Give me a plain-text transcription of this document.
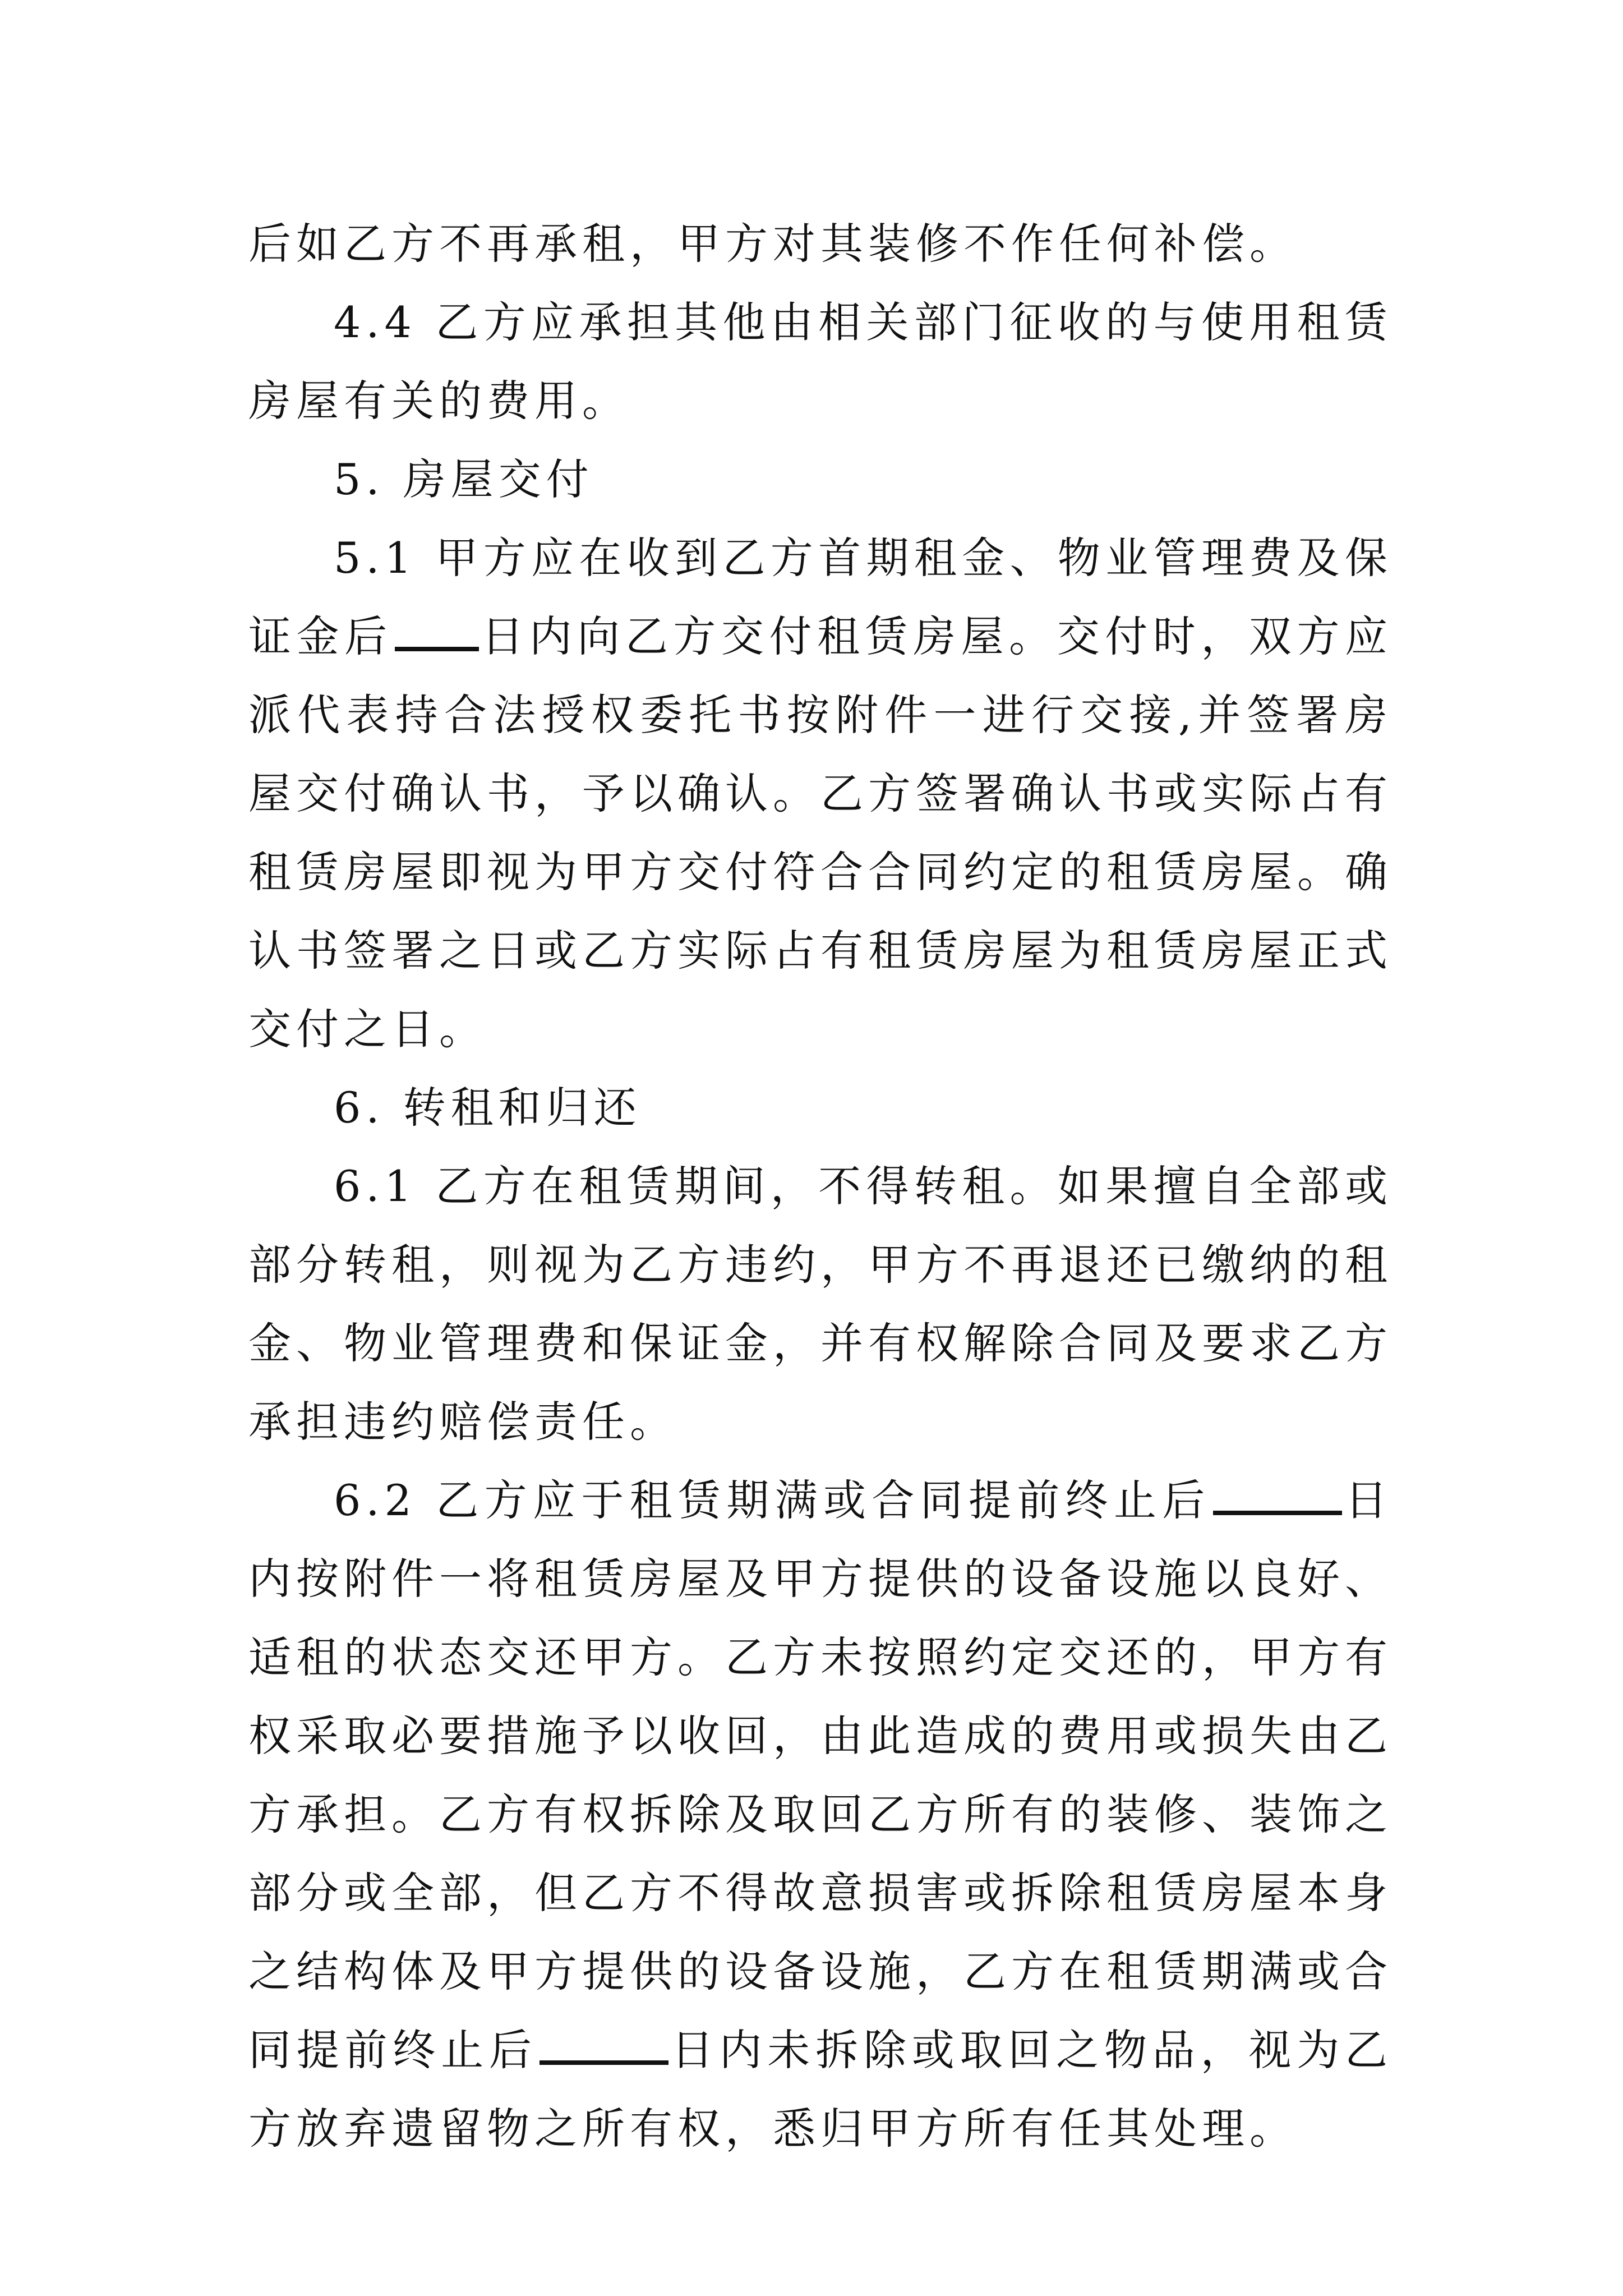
后如乙方不再承租，甲方对其装修不作任何补偿。

4.4 乙方应承担其他由相关部门征收的与使用租赁房屋有关的费用。

5. 房屋交付

5.1 甲方应在收到乙方首期租金、物业管理费及保证金后 日内向乙方交付租赁房屋。交付时，双方应派代表持合法授权委托书按附件一进行交接,并签署房屋交付确认书，予以确认。乙方签署确认书或实际占有租赁房屋即视为甲方交付符合合同约定的租赁房屋。确认书签署之日或乙方实际占有租赁房屋为租赁房屋正式交付之日。

6. 转租和归还

6.1 乙方在租赁期间，不得转租。如果擅自全部或部分转租，则视为乙方违约，甲方不再退还已缴纳的租金、物业管理费和保证金，并有权解除合同及要求乙方承担违约赔偿责任。

6.2 乙方应于租赁期满或合同提前终止后	日内按附件一将租赁房屋及甲方提供的设备设施以良好、适租的状态交还甲方。乙方未按照约定交还的，甲方有权采取必要措施予以收回，由此造成的费用或损失由乙方承担。乙方有权拆除及取回乙方所有的装修、装饰之部分或全部，但乙方不得故意损害或拆除租赁房屋本身之结构体及甲方提供的设备设施，乙方在租赁期满或合同提前终止后	日内未拆除或取回之物品，视为乙方放弃遗留物之所有权，悉归甲方所有任其处理。
